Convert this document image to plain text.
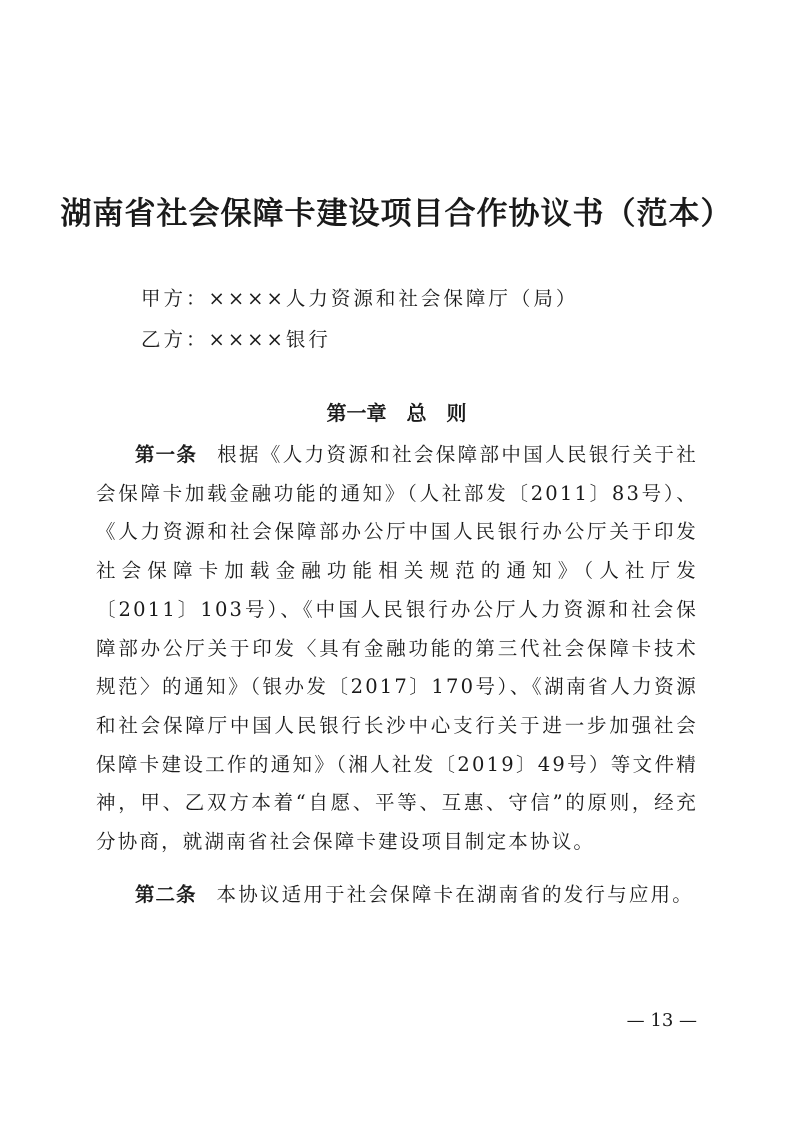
湖南省社会保障卡建设项目合作协议书（范本）
甲方：××××人力资源和社会保障厅（局）
乙方：××××银行
第一章　总　则
第一条 根据《人力资源和社会保障部中国人民银行关于社会保障卡加载金融功能的通知》（人社部发〔2011〕83号）、《人力资源和社会保障部办公厅中国人民银行办公厅关于印发社会保障卡加载金融功能相关规范的通知》（人社厅发〔2011〕103号）、《中国人民银行办公厅人力资源和社会保障部办公厅关于印发〈具有金融功能的第三代社会保障卡技术规范〉的通知》（银办发〔2017〕170号）、《湖南省人力资源和社会保障厅中国人民银行长沙中心支行关于进一步加强社会保障卡建设工作的通知》（湘人社发〔2019〕49号）等文件精神，甲、乙双方本着“自愿、平等、互惠、守信”的原则，经充分协商，就湖南省社会保障卡建设项目制定本协议。
第二条 本协议适用于社会保障卡在湖南省的发行与应用。
— 13 —
